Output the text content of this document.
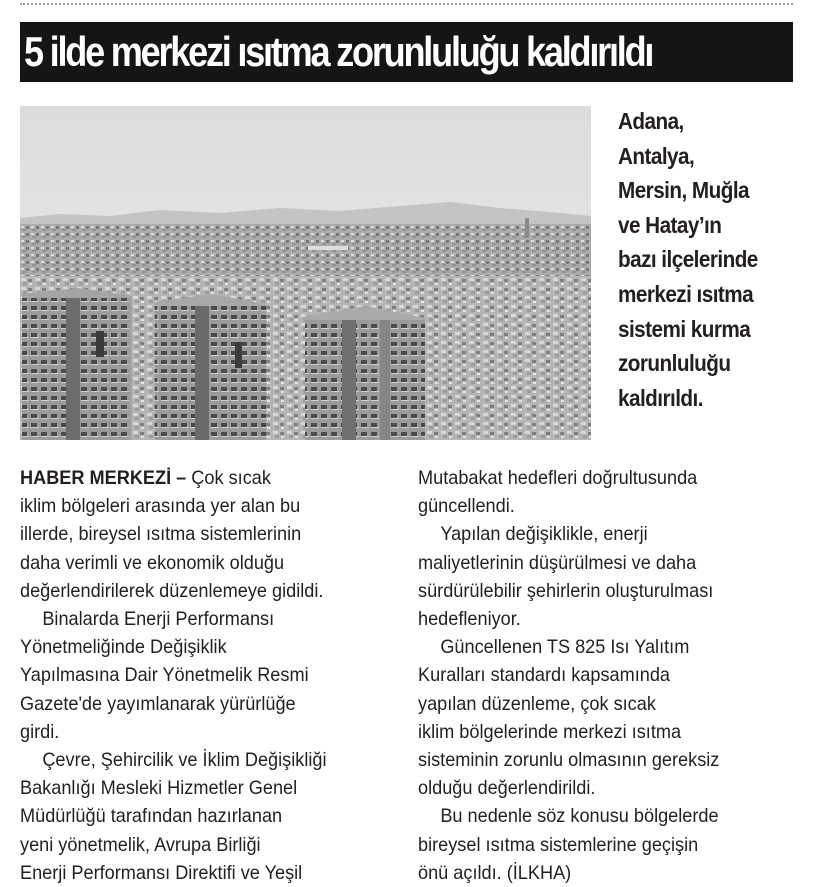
5 ilde merkezi ısıtma zorunluluğu kaldırıldı
Adana,
Antalya,
Mersin, Muğla
ve Hatay’ın
bazı ilçelerinde
merkezi ısıtma
sistemi kurma
zorunluluğu
kaldırıldı.
HABER MERKEZİ – Çok sıcak
iklim bölgeleri arasında yer alan bu
illerde, bireysel ısıtma sistemlerinin
daha verimli ve ekonomik olduğu
değerlendirilerek düzenlemeye gidildi.
Binalarda Enerji Performansı
Yönetmeliğinde Değişiklik
Yapılmasına Dair Yönetmelik Resmi
Gazete'de yayımlanarak yürürlüğe
girdi.
Çevre, Şehircilik ve İklim Değişikliği
Bakanlığı Mesleki Hizmetler Genel
Müdürlüğü tarafından hazırlanan
yeni yönetmelik, Avrupa Birliği
Enerji Performansı Direktifi ve Yeşil
Mutabakat hedefleri doğrultusunda
güncellendi.
Yapılan değişiklikle, enerji
maliyetlerinin düşürülmesi ve daha
sürdürülebilir şehirlerin oluşturulması
hedefleniyor.
Güncellenen TS 825 Isı Yalıtım
Kuralları standardı kapsamında
yapılan düzenleme, çok sıcak
iklim bölgelerinde merkezi ısıtma
sisteminin zorunlu olmasının gereksiz
olduğu değerlendirildi.
Bu nedenle söz konusu bölgelerde
bireysel ısıtma sistemlerine geçişin
önü açıldı. (İLKHA)
